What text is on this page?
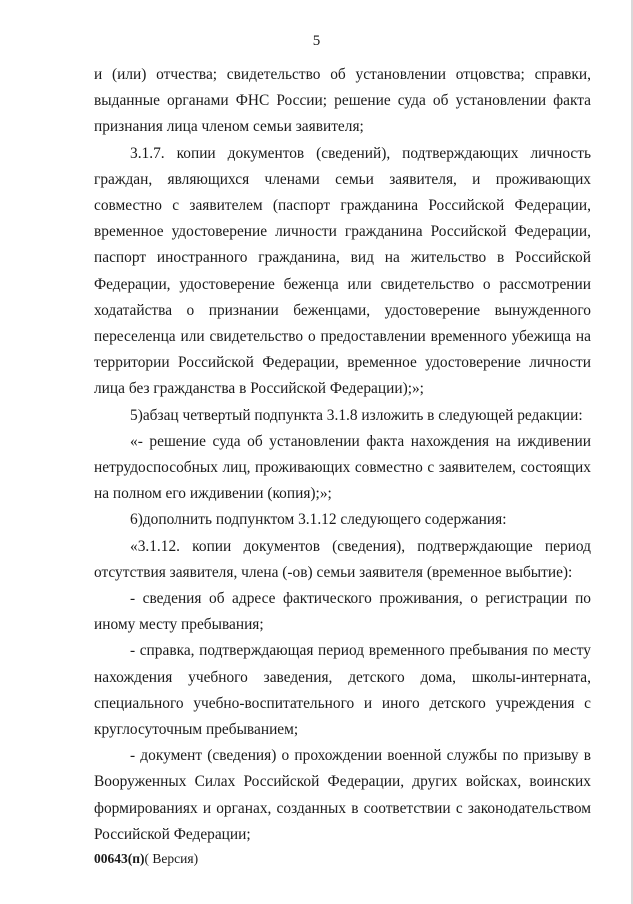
5

и (или) отчества; свидетельство об установлении отцовства; справки, выданные органами ФНС России; решение суда об установлении факта признания лица членом семьи заявителя;

3.1.7. копии документов (сведений), подтверждающих личность граждан, являющихся членами семьи заявителя, и проживающих совместно с заявителем (паспорт гражданина Российской Федерации, временное удостоверение личности гражданина Российской Федерации, паспорт иностранного гражданина, вид на жительство в Российской Федерации, удостоверение беженца или свидетельство о рассмотрении ходатайства о признании беженцами, удостоверение вынужденного переселенца или свидетельство о предоставлении временного убежища на территории Российской Федерации, временное удостоверение личности лица без гражданства в Российской Федерации);»;

5)абзац четвертый подпункта 3.1.8 изложить в следующей редакции:

«- решение суда об установлении факта нахождения на иждивении нетрудоспособных лиц, проживающих совместно с заявителем, состоящих на полном его иждивении (копия);»;

6)дополнить подпунктом 3.1.12 следующего содержания:

«3.1.12. копии документов (сведения), подтверждающие период отсутствия заявителя, члена (-ов) семьи заявителя (временное выбытие):

- сведения об адресе фактического проживания, о регистрации по иному месту пребывания;

- справка, подтверждающая период временного пребывания по месту нахождения учебного заведения, детского дома, школы-интерната, специального учебно-воспитательного и иного детского учреждения с круглосуточным пребыванием;

- документ (сведения) о прохождении военной службы по призыву в Вооруженных Силах Российской Федерации, других войсках, воинских формированиях и органах, созданных в соответствии с законодательством Российской Федерации;

00643(п)( Версия)
